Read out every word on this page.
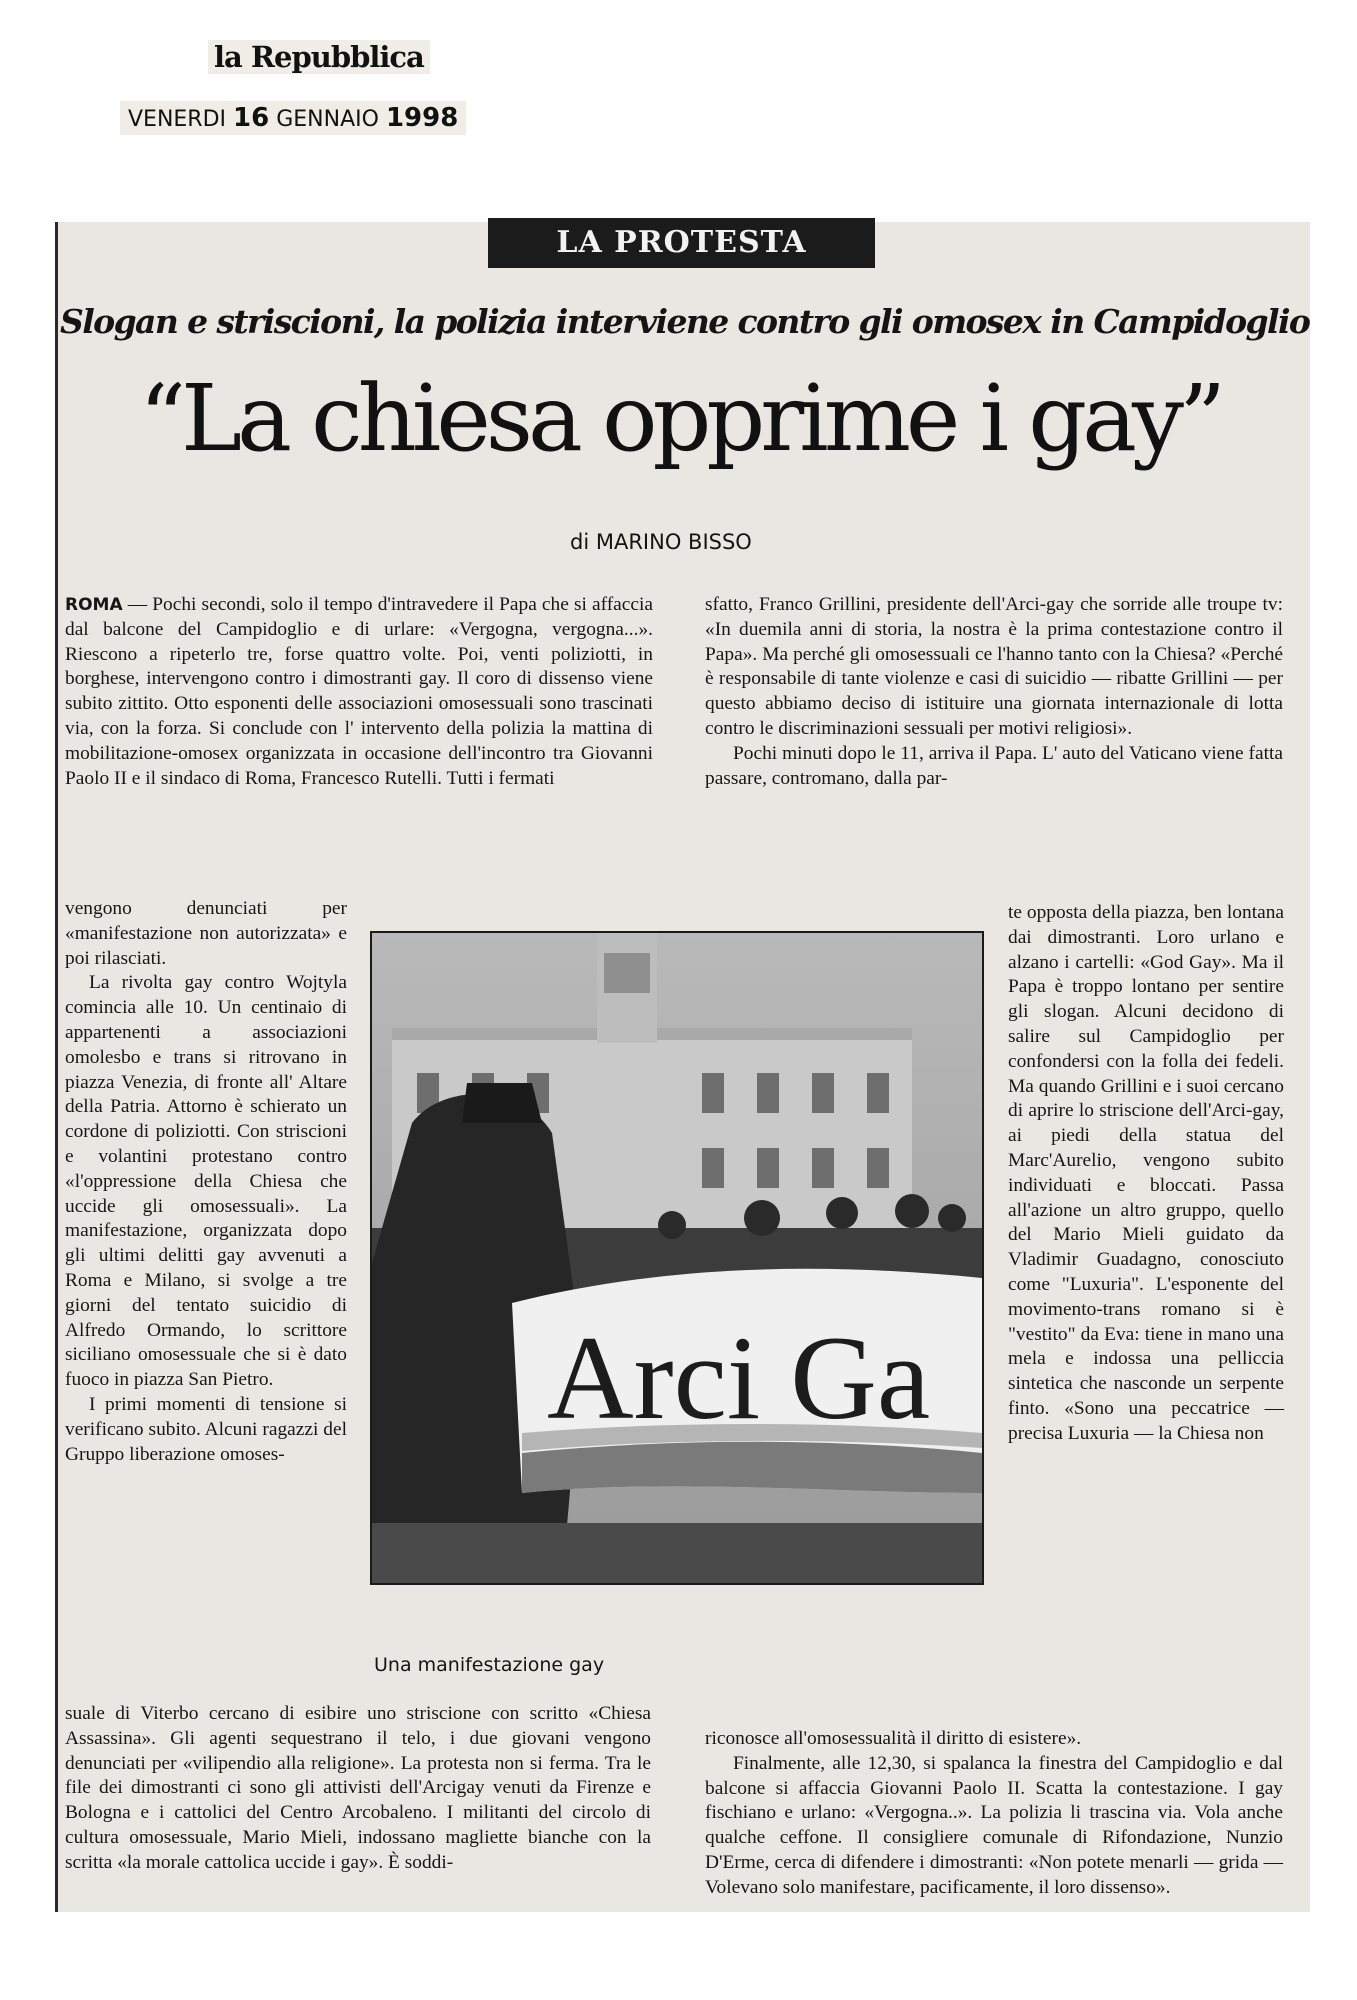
la Repubblica
VENERDI 16 GENNAIO 1998
LA PROTESTA
Slogan e striscioni, la polizia interviene contro gli omosex in Campidoglio
“La chiesa opprime i gay”
di MARINO BISSO

ROMA — Pochi secondi, solo il tempo d'intravedere il Papa che si affaccia dal balcone del Campidoglio e di urlare: «Vergogna, vergogna...». Riescono a ripeterlo tre, forse quattro volte. Poi, venti poliziotti, in borghese, intervengono contro i dimostranti gay. Il coro di dissenso viene subito zittito. Otto esponenti delle associazioni omosessuali sono trascinati via, con la forza. Si conclude con l' intervento della polizia la mattina di mobilitazione-omosex organizzata in occasione dell'incontro tra Giovanni Paolo II e il sindaco di Roma, Francesco Rutelli. Tutti i fermati

sfatto, Franco Grillini, presidente dell'Arci-gay che sorride alle troupe tv: «In duemila anni di storia, la nostra è la prima contestazione contro il Papa». Ma perché gli omosessuali ce l'hanno tanto con la Chiesa? «Perché è responsabile di tante violenze e casi di suicidio — ribatte Grillini — per questo abbiamo deciso di istituire una giornata internazionale di lotta contro le discriminazioni sessuali per motivi religiosi».

Pochi minuti dopo le 11, arriva il Papa. L' auto del Vaticano viene fatta passare, contromano, dalla par-

vengono denunciati per «manifestazione non autorizzata» e poi rilasciati.

La rivolta gay contro Wojtyla comincia alle 10. Un centinaio di appartenenti a associazioni omolesbo e trans si ritrovano in piazza Venezia, di fronte all' Altare della Patria. Attorno è schierato un cordone di poliziotti. Con striscioni e volantini protestano contro «l'oppressione della Chiesa che uccide gli omosessuali». La manifestazione, organizzata dopo gli ultimi delitti gay avvenuti a Roma e Milano, si svolge a tre giorni del tentato suicidio di Alfredo Ormando, lo scrittore siciliano omosessuale che si è dato fuoco in piazza San Pietro.

I primi momenti di tensione si verificano subito. Alcuni ragazzi del Gruppo liberazione omoses-

Arci Ga
Una manifestazione gay

te opposta della piazza, ben lontana dai dimostranti. Loro urlano e alzano i cartelli: «God Gay». Ma il Papa è troppo lontano per sentire gli slogan. Alcuni decidono di salire sul Campidoglio per confondersi con la folla dei fedeli. Ma quando Grillini e i suoi cercano di aprire lo striscione dell'Arci-gay, ai piedi della statua del Marc'Aurelio, vengono subito individuati e bloccati. Passa all'azione un altro gruppo, quello del Mario Mieli guidato da Vladimir Guadagno, conosciuto come "Luxuria". L'esponente del movimento-trans romano si è "vestito" da Eva: tiene in mano una mela e indossa una pelliccia sintetica che nasconde un serpente finto. «Sono una peccatrice — precisa Luxuria — la Chiesa non

suale di Viterbo cercano di esibire uno striscione con scritto «Chiesa Assassina». Gli agenti sequestrano il telo, i due giovani vengono denunciati per «vilipendio alla religione». La protesta non si ferma. Tra le file dei dimostranti ci sono gli attivisti dell'Arcigay venuti da Firenze e Bologna e i cattolici del Centro Arcobaleno. I militanti del circolo di cultura omosessuale, Mario Mieli, indossano magliette bianche con la scritta «la morale cattolica uccide i gay». È soddi-

riconosce all'omosessualità il diritto di esistere».

Finalmente, alle 12,30, si spalanca la finestra del Campidoglio e dal balcone si affaccia Giovanni Paolo II. Scatta la contestazione. I gay fischiano e urlano: «Vergogna..». La polizia li trascina via. Vola anche qualche ceffone. Il consigliere comunale di Rifondazione, Nunzio D'Erme, cerca di difendere i dimostranti: «Non potete menarli — grida — Volevano solo manifestare, pacificamente, il loro dissenso».
